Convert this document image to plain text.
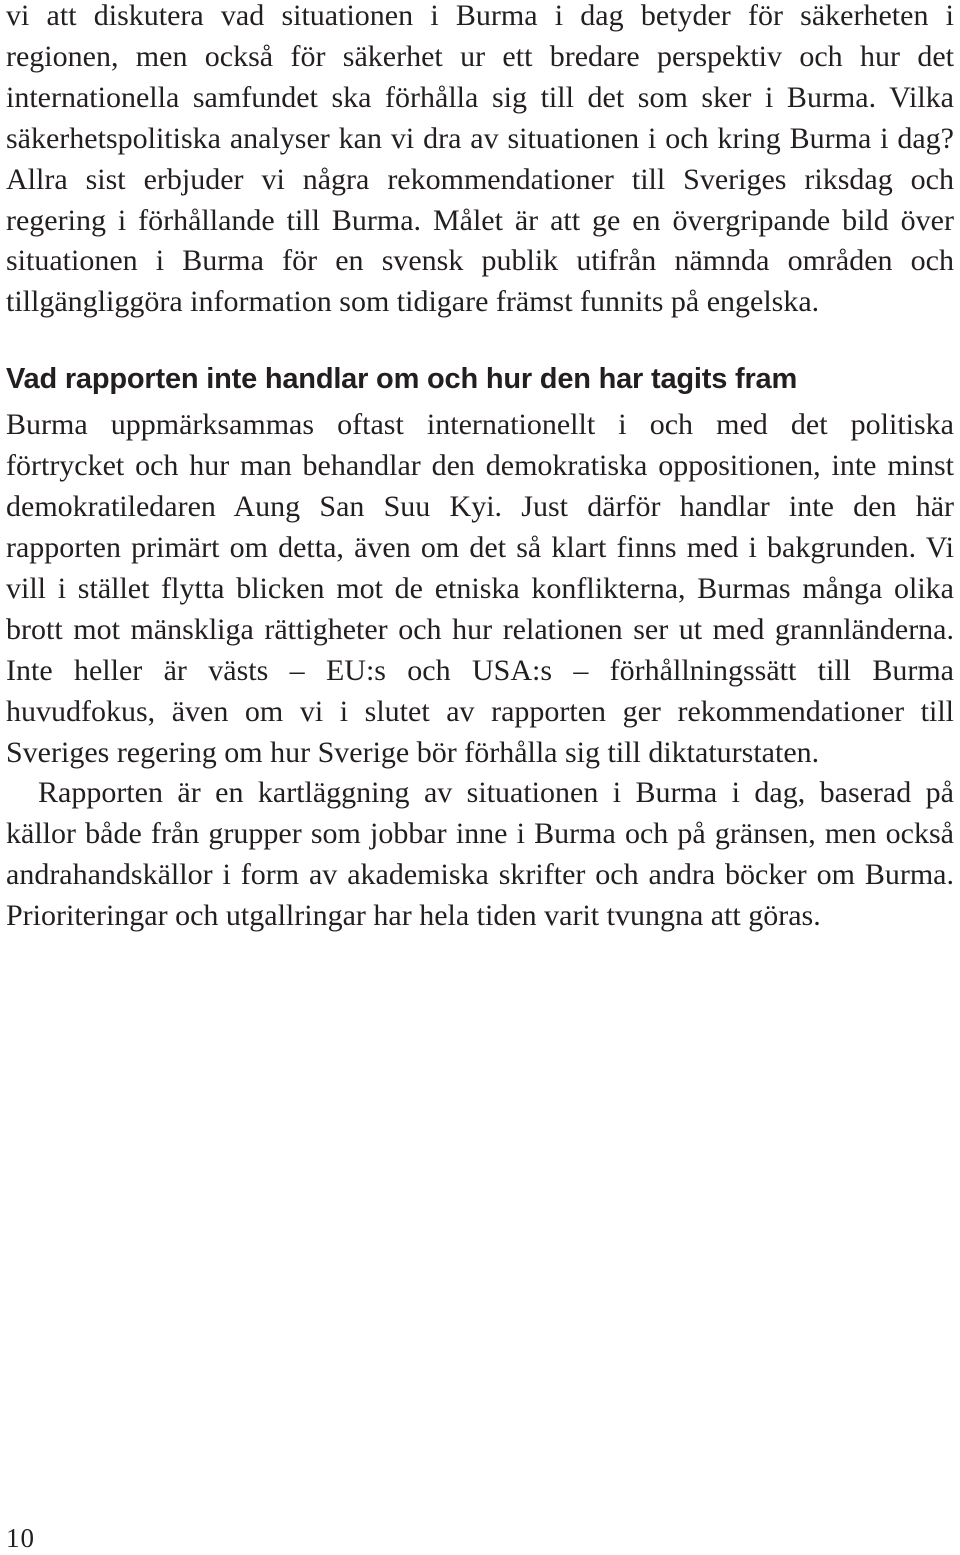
vi att diskutera vad situationen i Burma i dag betyder för säkerheten i regionen, men också för säkerhet ur ett bredare perspektiv och hur det internationella samfundet ska förhålla sig till det som sker i Burma. Vilka säkerhetspolitiska analyser kan vi dra av situationen i och kring Burma i dag? Allra sist erbjuder vi några rekommendationer till Sveriges riksdag och regering i förhållande till Burma. Målet är att ge en övergripande bild över situationen i Burma för en svensk publik utifrån nämnda områden och tillgängliggöra information som tidigare främst funnits på engelska.

Vad rapporten inte handlar om och hur den har tagits fram

Burma uppmärksammas oftast internationellt i och med det politiska förtrycket och hur man behandlar den demokratiska oppositionen, inte minst demokratiledaren Aung San Suu Kyi. Just därför handlar inte den här rapporten primärt om detta, även om det så klart finns med i bakgrunden. Vi vill i stället flytta blicken mot de etniska konflikterna, Burmas många olika brott mot mänskliga rättigheter och hur relationen ser ut med grannländerna. Inte heller är västs – EU:s och USA:s – förhållningssätt till Burma huvudfokus, även om vi i slutet av rapporten ger rekommendationer till Sveriges regering om hur Sverige bör förhålla sig till diktaturstaten.

Rapporten är en kartläggning av situationen i Burma i dag, baserad på källor både från grupper som jobbar inne i Burma och på gränsen, men också andrahandskällor i form av akademiska skrifter och andra böcker om Burma. Prioriteringar och utgallringar har hela tiden varit tvungna att göras.

10
